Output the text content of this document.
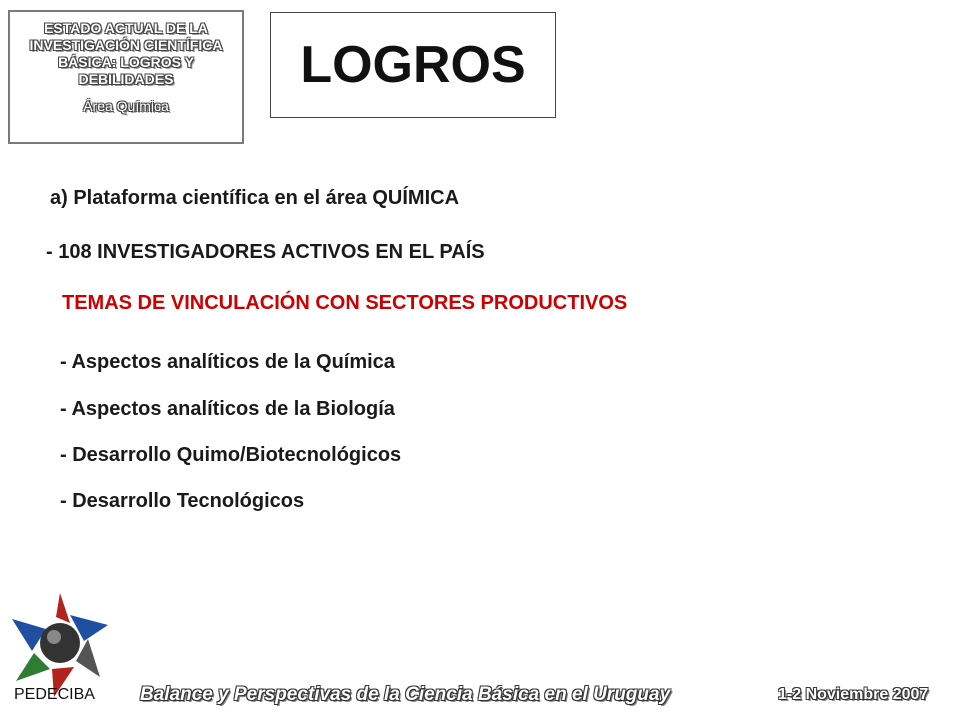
ESTADO ACTUAL DE LA
INVESTIGACIÓN CIENTÍFICA
BÁSICA: LOGROS Y
DEBILIDADES
Área Química
LOGROS
a) Plataforma científica en el área QUÍMICA
- 108 INVESTIGADORES ACTIVOS EN EL PAÍS
TEMAS DE VINCULACIÓN CON SECTORES PRODUCTIVOS
- Aspectos analíticos de la Química
- Aspectos analíticos de la Biología
- Desarrollo Quimo/Biotecnológicos
- Desarrollo Tecnológicos
PEDECIBA Balance y Perspectivas de la Ciencia Básica en el Uruguay	1-2 Noviembre 2007
